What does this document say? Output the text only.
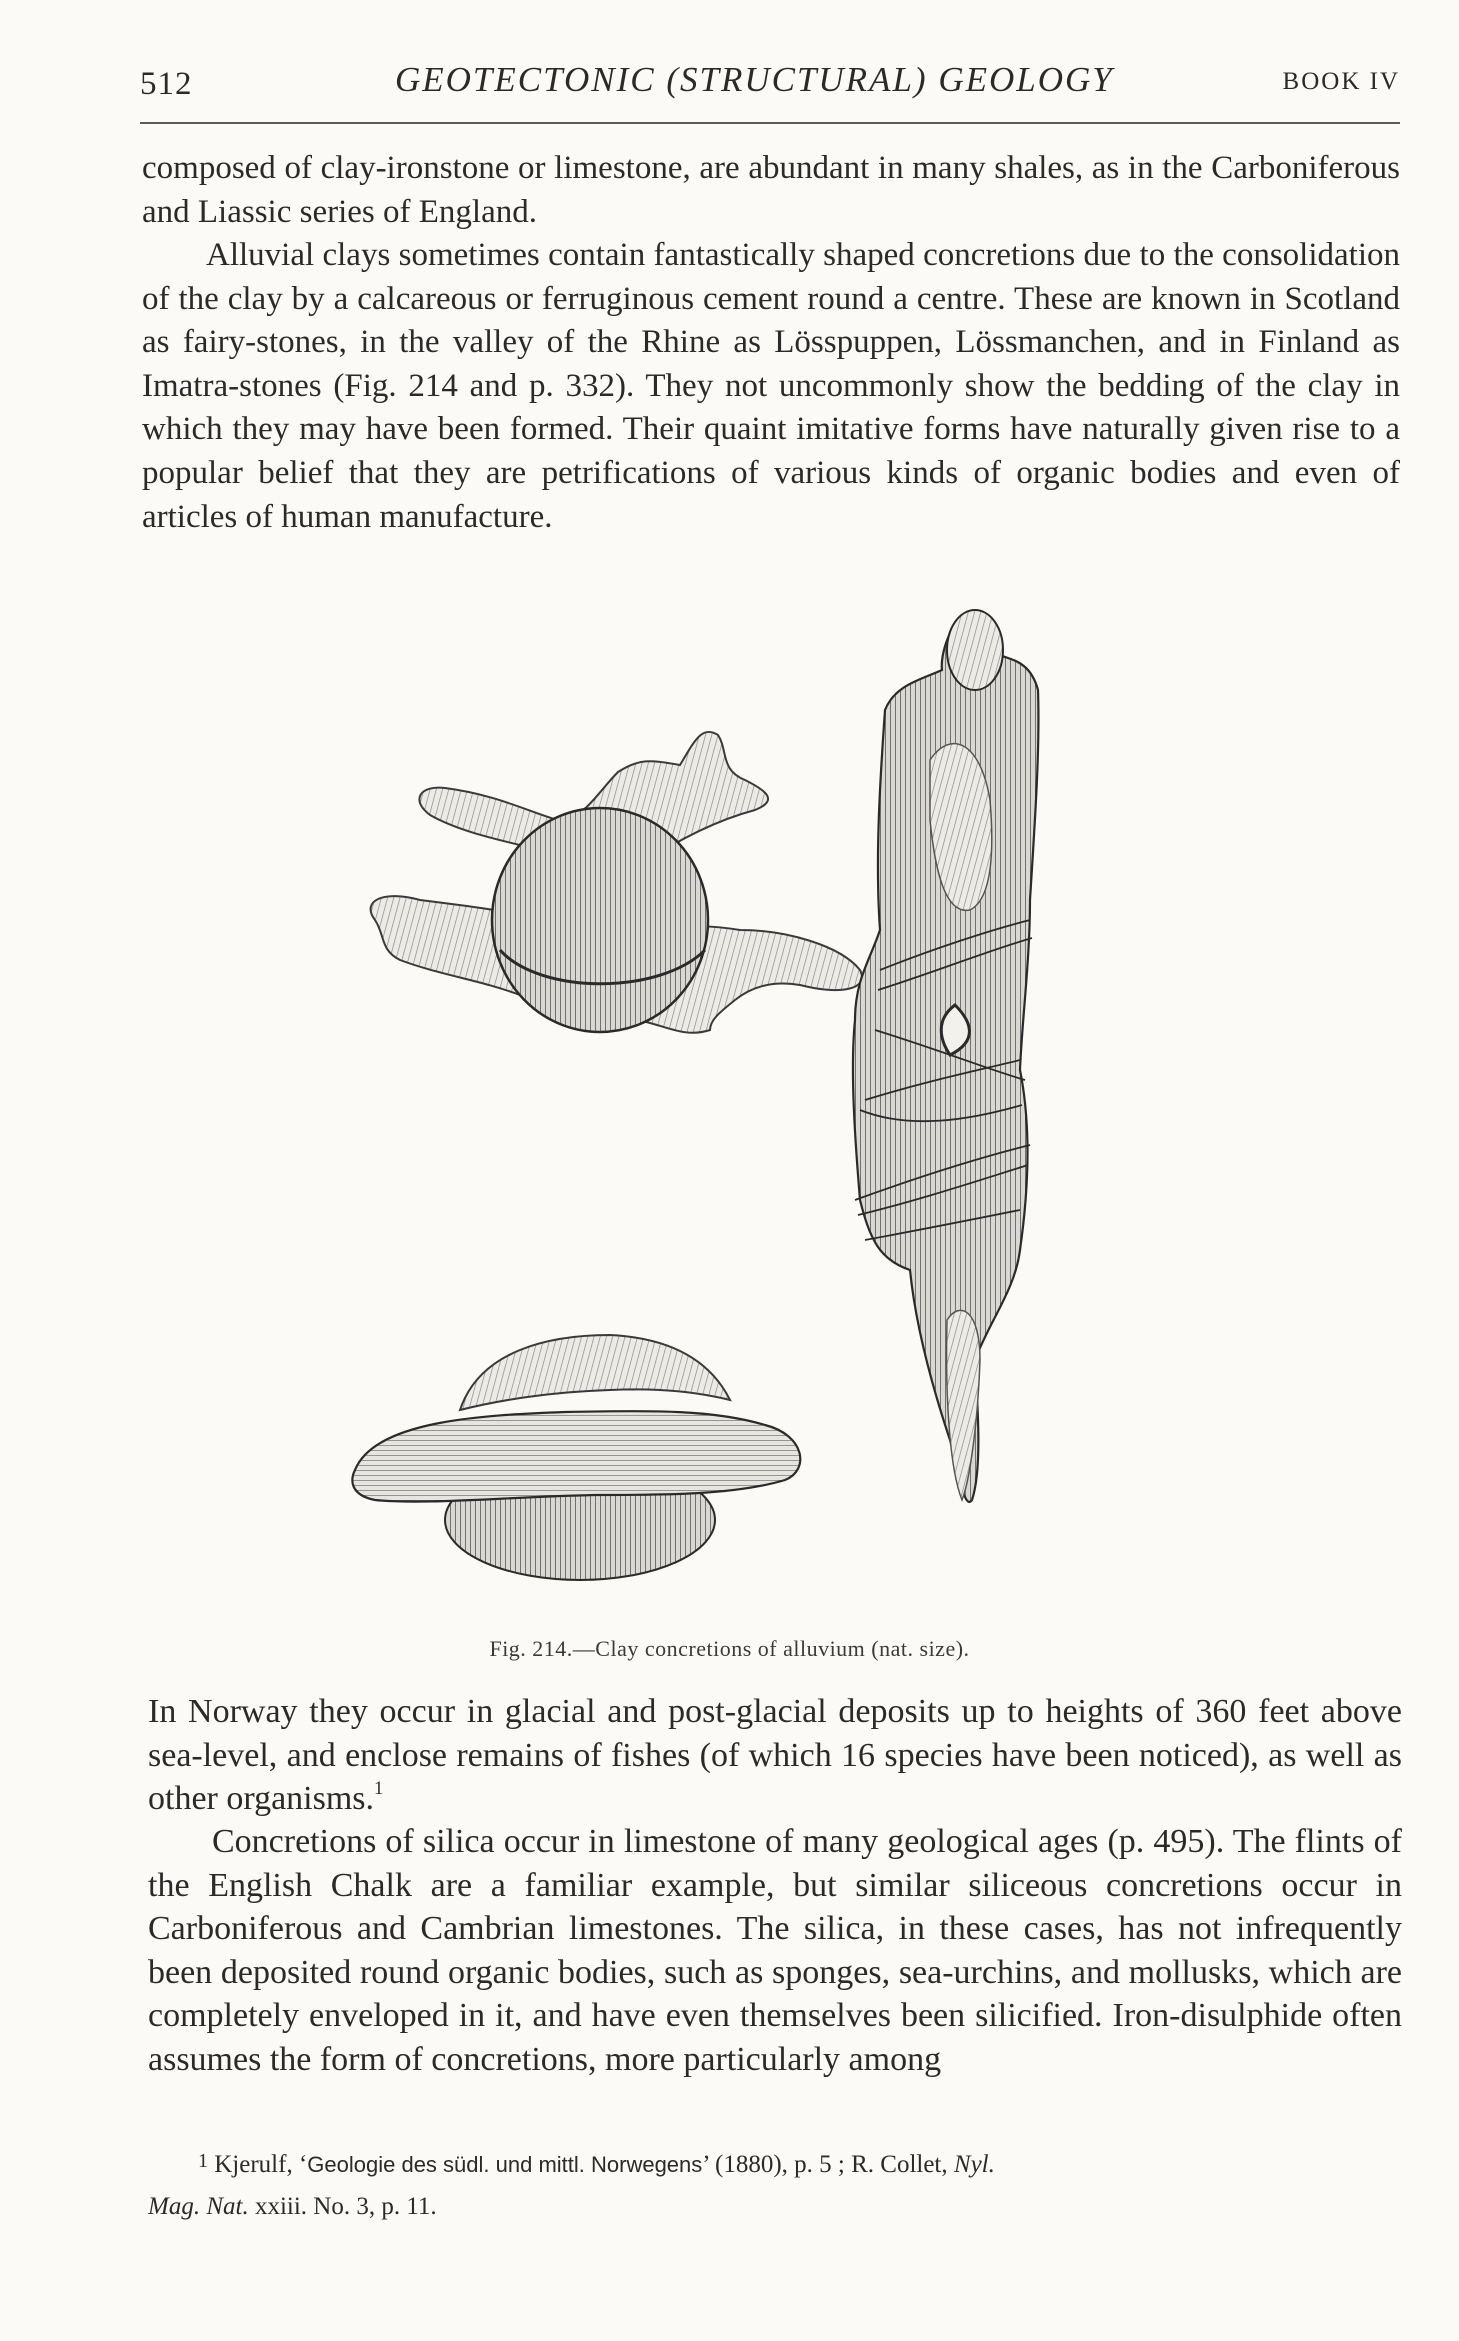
512	GEOTECTONIC (STRUCTURAL) GEOLOGY	BOOK IV

composed of clay-ironstone or limestone, are abundant in many shales, as in the Carboniferous and Liassic series of England.

Alluvial clays sometimes contain fantastically shaped concretions due to the consolidation of the clay by a calcareous or ferruginous cement round a centre. These are known in Scotland as fairy-stones, in the valley of the Rhine as Lösspuppen, Lössmanchen, and in Finland as Imatra-stones (Fig. 214 and p. 332). They not uncommonly show the bedding of the clay in which they may have been formed. Their quaint imitative forms have naturally given rise to a popular belief that they are petrifications of various kinds of organic bodies and even of articles of human manufacture.

Fig. 214.—Clay concretions of alluvium (nat. size).

In Norway they occur in glacial and post-glacial deposits up to heights of 360 feet above sea-level, and enclose remains of fishes (of which 16 species have been noticed), as well as other organisms.$^1$

Concretions of silica occur in limestone of many geological ages (p. 495). The flints of the English Chalk are a familiar example, but similar siliceous concretions occur in Carboniferous and Cambrian limestones. The silica, in these cases, has not infrequently been deposited round organic bodies, such as sponges, sea-urchins, and mollusks, which are completely enveloped in it, and have even themselves been silicified. Iron-disulphide often assumes the form of concretions, more particularly among

$^1$ Kjerulf, ‘Geologie des südl. und mittl. Norwegens’ (1880), p. 5 ; R. Collet, Nyl.
Mag. Nat. xxiii. No. 3, p. 11.
